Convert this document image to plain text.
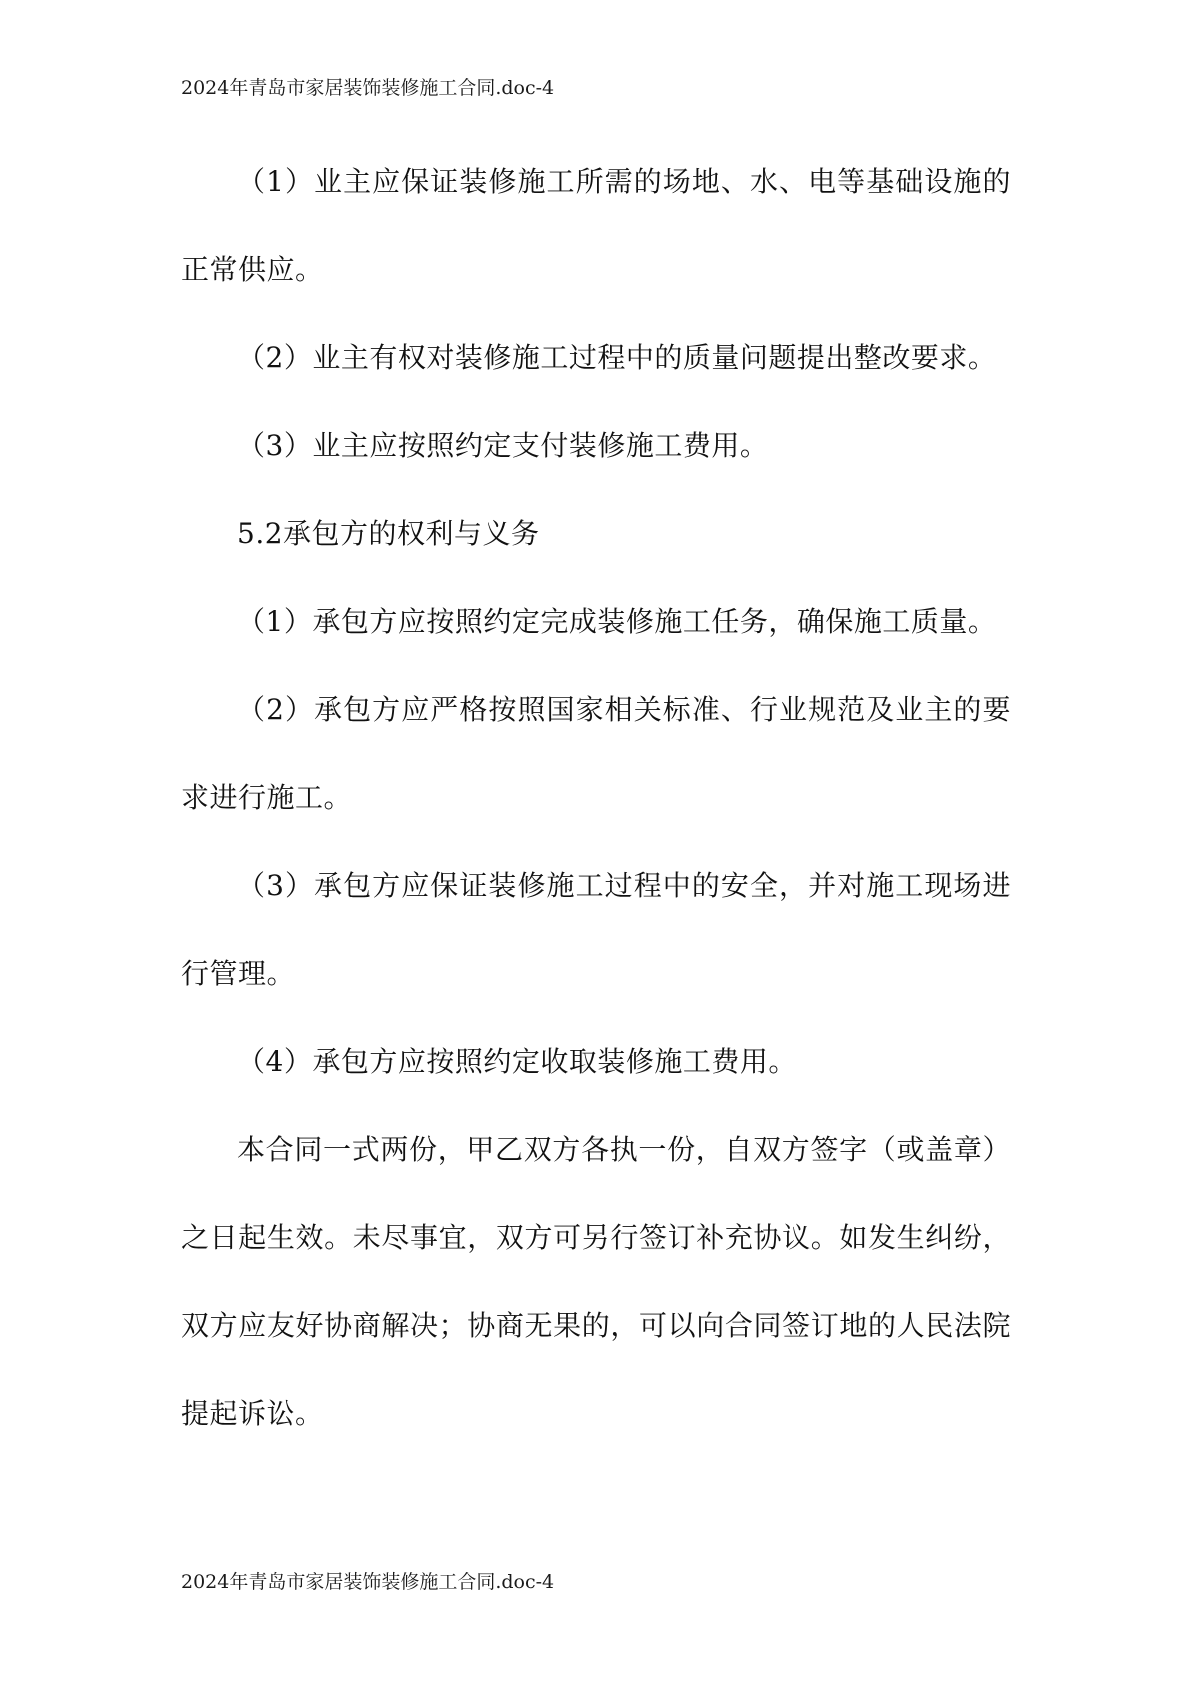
2024年青岛市家居装饰装修施工合同.doc-4

（1）业主应保证装修施工所需的场地、水、电等基础设施的正常供应。

（2）业主有权对装修施工过程中的质量问题提出整改要求。

（3）业主应按照约定支付装修施工费用。

5.2承包方的权利与义务

（1）承包方应按照约定完成装修施工任务，确保施工质量。

（2）承包方应严格按照国家相关标准、行业规范及业主的要求进行施工。

（3）承包方应保证装修施工过程中的安全，并对施工现场进行管理。

（4）承包方应按照约定收取装修施工费用。

本合同一式两份，甲乙双方各执一份，自双方签字（或盖章）之日起生效。未尽事宜，双方可另行签订补充协议。如发生纠纷，双方应友好协商解决；协商无果的，可以向合同签订地的人民法院提起诉讼。

2024年青岛市家居装饰装修施工合同.doc-4
